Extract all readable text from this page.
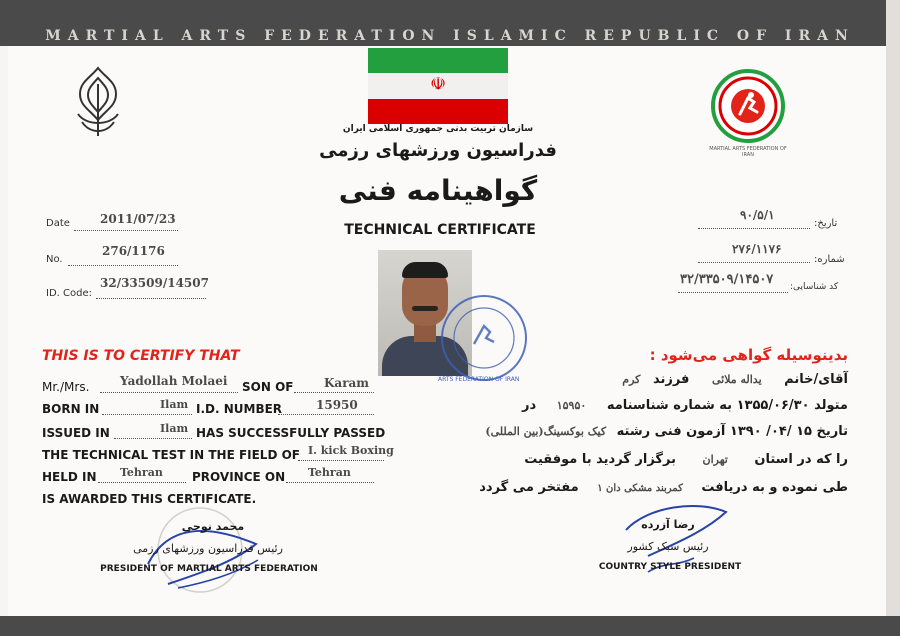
MARTIAL ARTS FEDERATION ISLAMIC REPUBLIC OF IRAN
☫
MARTIAL ARTS FEDERATION OF IRAN
سازمان تربیت بدنی جمهوری اسلامی ایران
فدراسیون ورزشهای رزمی
گواهینامه فنی
TECHNICAL CERTIFICATE
Date	2011/07/23
No.
276/1176
ID. Code:
32/33509/14507
تاریخ:
۹۰/۵/۱
شماره:
۲۷۶/۱۱۷۶
کد شناسایی:
۳۲/۳۳۵۰۹/۱۴۵۰۷
ARTS FEDERATION OF IRAN
THIS IS TO CERTIFY THAT
Mr./Mrs.	Yadollah Molaei SON OF	Karam
BORN IN	Ilam I.D. NUMBER	15950
ISSUED IN	Ilam HAS SUCCESSFULLY PASSED
THE TECHNICAL TEST IN THE FIELD OF I. kick Boxing
HELD IN Tehran PROVINCE ON Tehran
IS AWARDED THIS CERTIFICATE.
بدینوسیله گواهی می‌شود :
آقای/خانم یداله ملائی فرزند کرم
متولد ۱۳۵۵/۰۶/۳۰ به شماره شناسنامه ۱۵۹۵۰ در
تاریخ ۱۵ /۰۴/ ۱۳۹۰ آزمون فنی رشته کیک بوکسینگ(بین المللی)
را که در استان تهران برگزار گردید با موفقیت
طی نموده و به دریافت کمربند مشکی دان ۱ مفتخر می گردد
محمد نوحی
رئیس فدراسیون ورزشهای رزمی
PRESIDENT OF MARTIAL ARTS FEDERATION
رضا آزرده
رئیس سبک کشور
COUNTRY STYLE PRESIDENT
